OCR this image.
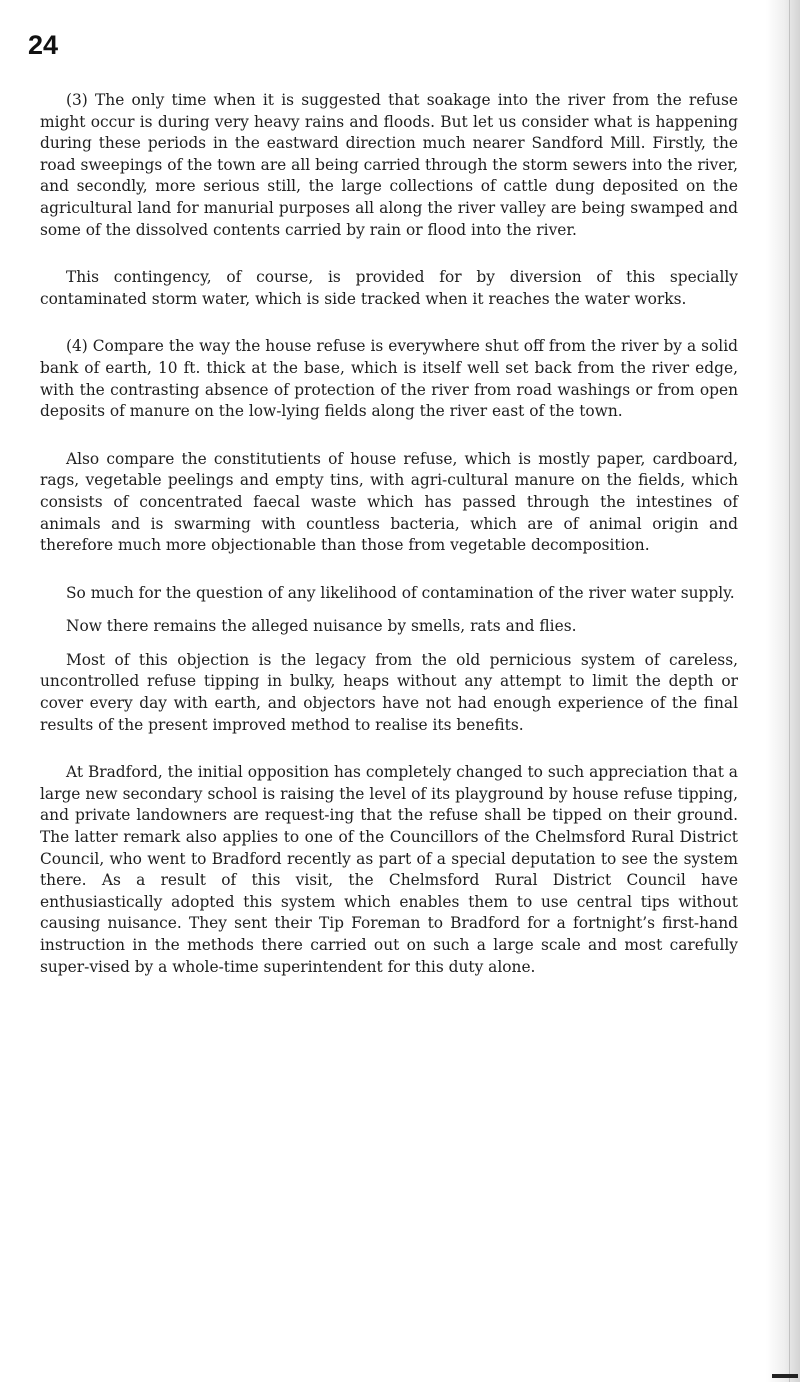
24

(3) The only time when it is suggested that soakage into the river from the refuse might occur is during very heavy rains and floods. But let us consider what is happening during these periods in the eastward direction much nearer Sandford Mill. Firstly, the road sweepings of the town are all being carried through the storm sewers into the river, and secondly, more serious still, the large collections of cattle dung deposited on the agricultural land for manurial purposes all along the river valley are being swamped and some of the dissolved contents carried by rain or flood into the river.

This contingency, of course, is provided for by diversion of this specially contaminated storm water, which is side tracked when it reaches the water works.

(4) Compare the way the house refuse is everywhere shut off from the river by a solid bank of earth, 10 ft. thick at the base, which is itself well set back from the river edge, with the contrasting absence of protection of the river from road washings or from open deposits of manure on the low-lying fields along the river east of the town.

Also compare the constitutients of house refuse, which is mostly paper, cardboard, rags, vegetable peelings and empty tins, with agri-cultural manure on the fields, which consists of concentrated faecal waste which has passed through the intestines of animals and is swarming with countless bacteria, which are of animal origin and therefore much more objectionable than those from vegetable decomposition.

So much for the question of any likelihood of contamination of the river water supply.

Now there remains the alleged nuisance by smells, rats and flies.

Most of this objection is the legacy from the old pernicious system of careless, uncontrolled refuse tipping in bulky, heaps without any attempt to limit the depth or cover every day with earth, and objectors have not had enough experience of the final results of the present improved method to realise its benefits.

At Bradford, the initial opposition has completely changed to such appreciation that a large new secondary school is raising the level of its playground by house refuse tipping, and private landowners are request-ing that the refuse shall be tipped on their ground. The latter remark also applies to one of the Councillors of the Chelmsford Rural District Council, who went to Bradford recently as part of a special deputation to see the system there. As a result of this visit, the Chelmsford Rural District Council have enthusiastically adopted this system which enables them to use central tips without causing nuisance. They sent their Tip Foreman to Bradford for a fortnight’s first-hand instruction in the methods there carried out on such a large scale and most carefully super-vised by a whole-time superintendent for this duty alone.
